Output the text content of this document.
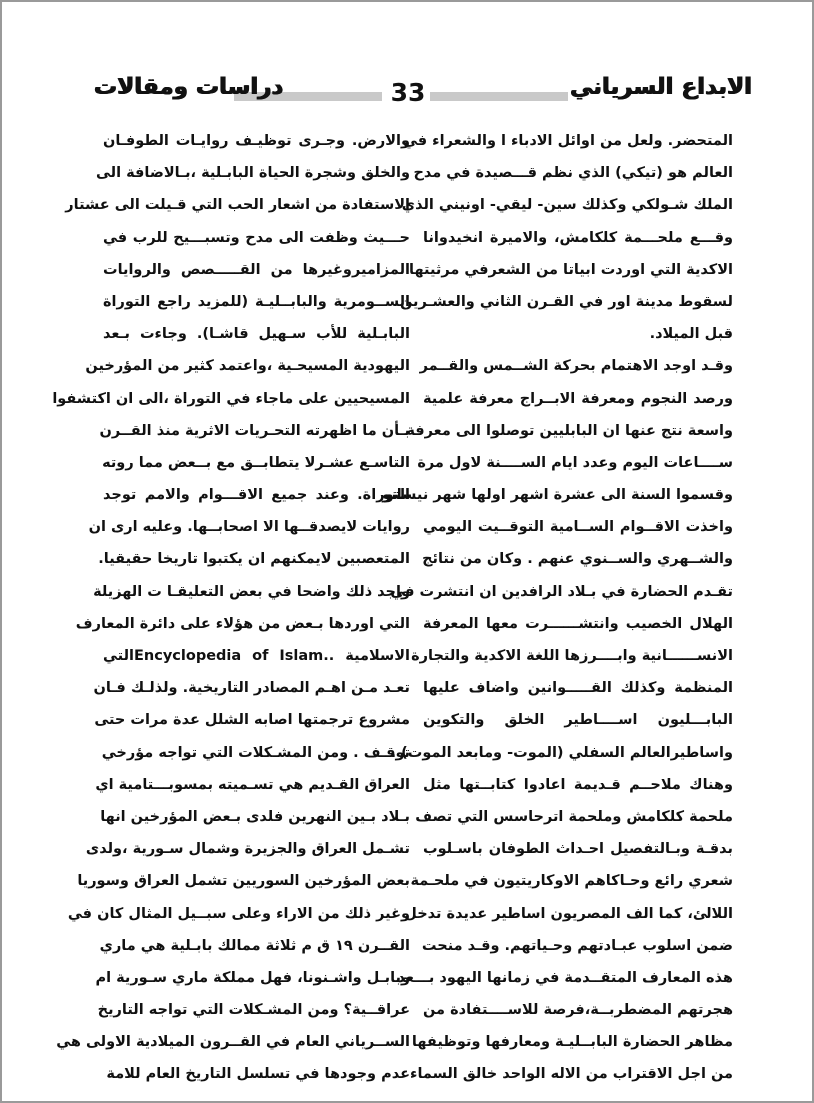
الابداع السرياني
33
دراسات ومقالات
المتحضر. ولعل من اوائل الادباء ا والشعراء في
العالم هو (تيكي) الذي نظم قـــصيدة في مدح
الملك شـولكي وكذلك سين- ليقي- اونيني الذي
وقـــع ملحـــمة كلكامش، والاميرة انخيدوانا
الاكدية التي اوردت ابياتا من الشعرفي مرثيتها
لسقوط مدينة اور في القـرن الثاني والعشـرين
قبل الميلاد.
وقـد اوجد الاهتمام بحركة الشــمس والقــمر
ورصد النجوم ومعرفة الابــراج معرفة علمية
واسعة نتج عنها ان البابليين توصلوا الى معرفة
ســــاعات اليوم وعدد ايام الســــنة لاول مرة
وقسموا السنة الى عشرة اشهر اولها شهر نيسانو
واخذت الاقــوام الســامية التوقــيت اليومي
والشــهري والســنوي عنهم . وكان من نتائج
تقـدم الحضارة في بـلاد الرافدين ان انتشرت في
الهلال الخصيب وانتشــــــرت معها المعرفة
الانســــــانية وابــــرزها اللغة الاكدية والتجارة
المنظمة وكذلك القـــــوانين واضاف عليها
البابـــليون اســــاطير الخلق والتكوين
واساطيرالعالم السفلي (الموت- ومابعد الموت) .
وهناك ملاحــم قـديمة اعادوا كتابــتها مثل
ملحمة كلكامش وملحمة اترحاسس التي تصف
بدقـة وبـالتفصيل احـداث الطوفان باسـلوب
شعري رائع وحـاكاهم الاوكاريتيون في ملحـمة
اللالئ، كما الف المصريون اساطير عديدة تدخل
ضمن اسلوب عبـادتهم وحـياتهم. وقـد منحت
هذه المعارف المتقــدمة في زمانها اليهود بـــعد
هجرتهم المضطربــة،فرصة للاســــتفادة من
مظاهر الحضارة البابــليـة ومعارفها وتوظيفها
من اجل الاقتراب من الاله الواحد خالق السماء
والارض. وجـرى توظيـف روايـات الطوفـان
والخلق وشجرة الحياة البابـلية ،بـالاضافة الى
الاستفادة من اشعار الحب التي قـيلت الى عشتار
حـــيث وظفت الى مدح وتسبـــيح للرب في
المزاميروغيرها من القـــــصص والروايات
الســومرية والبابــليـة (للمزيد راجع التوراة
البابـلية للأب سـهيل قاشـا). وجاءت بـعد
اليهودية المسيحـية ،واعتمد كثير من المؤرخين
المسيحيين على ماجاء في التوراة ،الى ان اكتشفوا
بـأن ما اظهرته التحـريات الاثرية منذ القــرن
التاسـع عشـرلا يتطابــق مع بــعض مما روته
التوراة. وعند جميع الاقـــوام والامم توجد
روايات لايصدقــها الا اصحابــها. وعليه ارى ان
المتعصبين لايمكنهم ان يكتبوا تاريخا حقيقيا.
واجد ذلك واضحا في بعض التعليقـا ت الهزيلة
التي اوردها بـعض من هؤلاء على دائرة المعارف
الاسلامية ..Encyclopedia of Islamالتي
تعـد مـن اهـم المصادر التاريخية. ولذلـك فـان
مشروع ترجمتها اصابه الشلل عدة مرات حتى
توقـف . ومن المشـكلات التي تواجه مؤرخي
العراق القـديم هي تسـميته بمسوبـــتامية اي
بـلاد بـين النهرين فلدى بـعض المؤرخين انها
تشـمل العراق والجزيرة وشمال سـورية ،ولدى
بعض المؤرخين السوريين تشمل العراق وسوريا
وغير ذلك من الاراء وعلى سبــيل المثال كان في
القــرن ١٩ ق م ثلاثة ممالك بابـلية هي ماري
وبابـل واشـنونا، فهل مملكة ماري سـورية ام
عراقــية؟ ومن المشـكلات التي تواجه التاريخ
الســرياني العام في القــرون الميلادية الاولى هي
عدم وجودها في تسلسل التاريخ العام للامة
